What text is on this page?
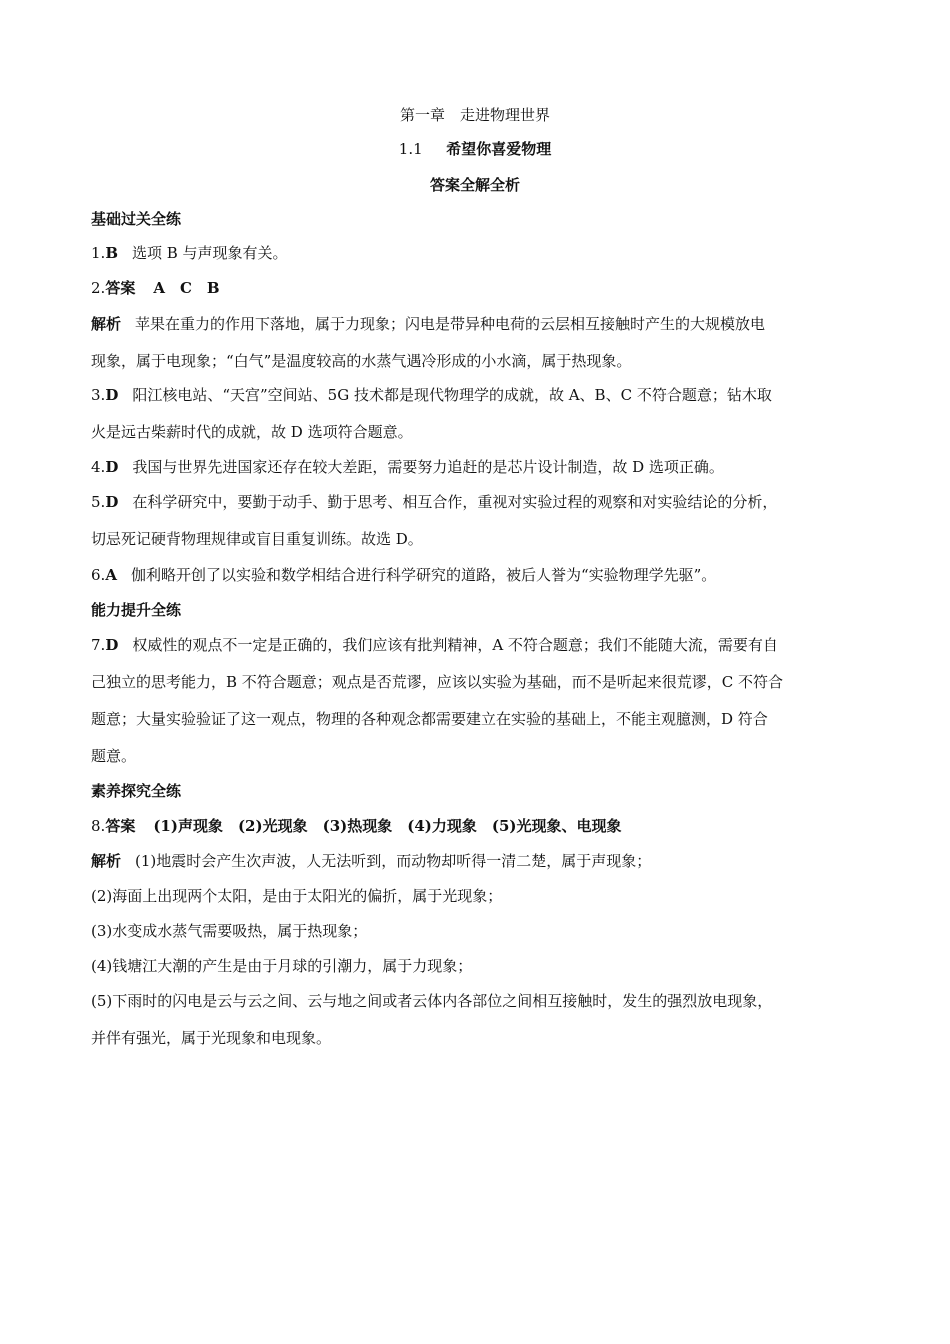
第一章　走进物理世界
1.1 希望你喜爱物理
答案全解全析
基础过关全练
1.B 选项 B 与声现象有关。
2.答案 A　C　B
解析 苹果在重力的作用下落地，属于力现象；闪电是带异种电荷的云层相互接触时产生的大规模放电
现象，属于电现象；“白气”是温度较高的水蒸气遇冷形成的小水滴，属于热现象。
3.D 阳江核电站、“天宫”空间站、5G 技术都是现代物理学的成就，故 A、B、C 不符合题意；钻木取
火是远古柴薪时代的成就，故 D 选项符合题意。
4.D 我国与世界先进国家还存在较大差距，需要努力追赶的是芯片设计制造，故 D 选项正确。
5.D 在科学研究中，要勤于动手、勤于思考、相互合作，重视对实验过程的观察和对实验结论的分析，
切忌死记硬背物理规律或盲目重复训练。故选 D。
6.A 伽利略开创了以实验和数学相结合进行科学研究的道路，被后人誉为“实验物理学先驱”。
能力提升全练
7.D 权威性的观点不一定是正确的，我们应该有批判精神，A 不符合题意；我们不能随大流，需要有自
己独立的思考能力，B 不符合题意；观点是否荒谬，应该以实验为基础，而不是听起来很荒谬，C 不符合
题意；大量实验验证了这一观点，物理的各种观念都需要建立在实验的基础上，不能主观臆测，D 符合
题意。
素养探究全练
8.答案 (1)声现象　(2)光现象　(3)热现象　(4)力现象　(5)光现象、电现象
解析 (1)地震时会产生次声波，人无法听到，而动物却听得一清二楚，属于声现象；
(2)海面上出现两个太阳，是由于太阳光的偏折，属于光现象；
(3)水变成水蒸气需要吸热，属于热现象；
(4)钱塘江大潮的产生是由于月球的引潮力，属于力现象；
(5)下雨时的闪电是云与云之间、云与地之间或者云体内各部位之间相互接触时，发生的强烈放电现象，
并伴有强光，属于光现象和电现象。
